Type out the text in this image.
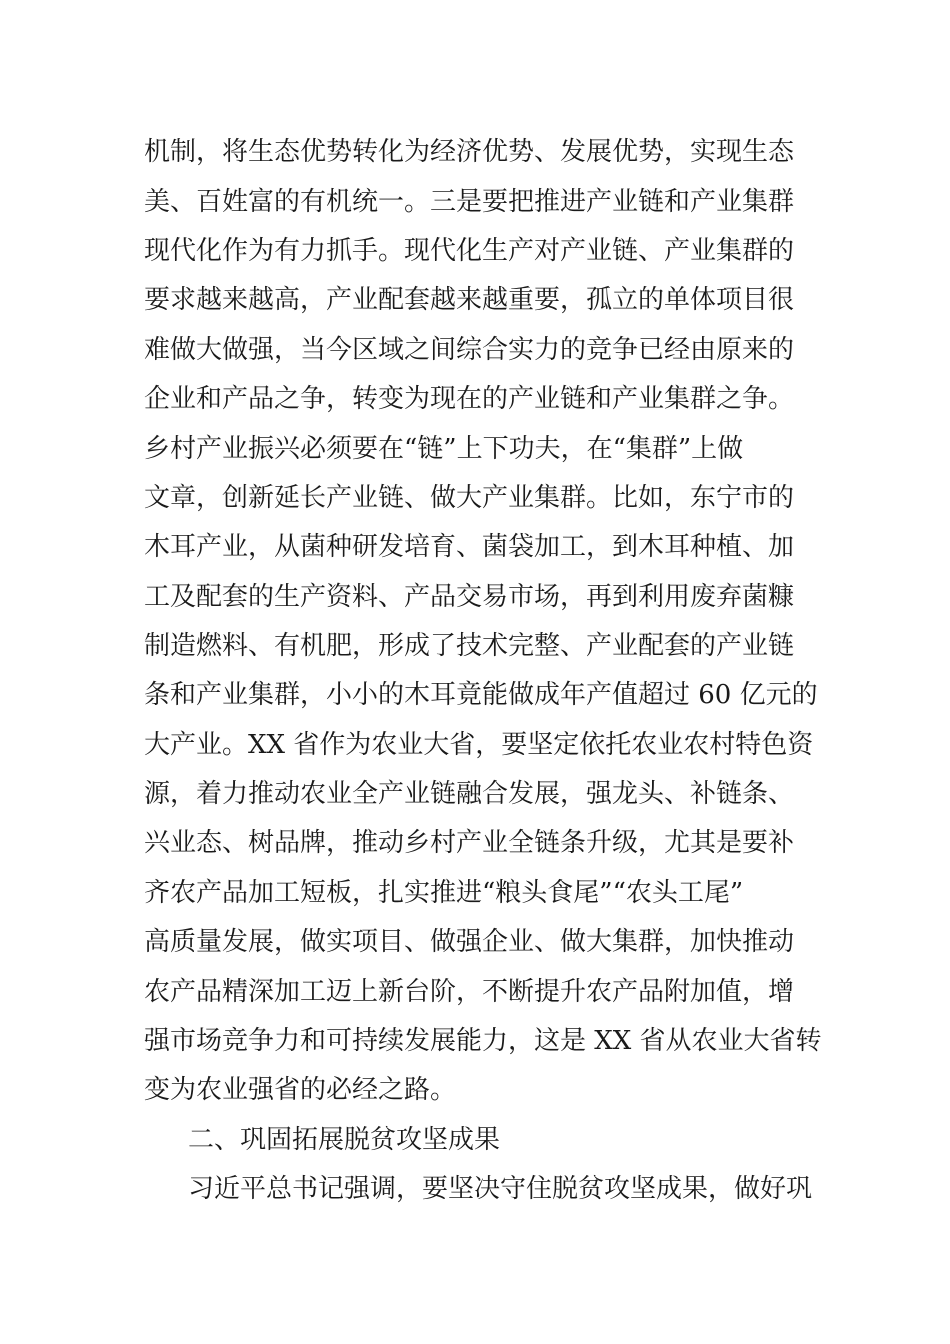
机制，将生态优势转化为经济优势、发展优势，实现生态
美、百姓富的有机统一。三是要把推进产业链和产业集群
现代化作为有力抓手。现代化生产对产业链、产业集群的
要求越来越高，产业配套越来越重要，孤立的单体项目很
难做大做强，当今区域之间综合实力的竞争已经由原来的
企业和产品之争，转变为现在的产业链和产业集群之争。
乡村产业振兴必须要在“链”上下功夫，在“集群”上做
文章，创新延长产业链、做大产业集群。比如，东宁市的
木耳产业，从菌种研发培育、菌袋加工，到木耳种植、加
工及配套的生产资料、产品交易市场，再到利用废弃菌糠
制造燃料、有机肥，形成了技术完整、产业配套的产业链
条和产业集群，小小的木耳竟能做成年产值超过 60 亿元的
大产业。XX 省作为农业大省，要坚定依托农业农村特色资
源，着力推动农业全产业链融合发展，强龙头、补链条、
兴业态、树品牌，推动乡村产业全链条升级，尤其是要补
齐农产品加工短板，扎实推进“粮头食尾”“农头工尾”
高质量发展，做实项目、做强企业、做大集群，加快推动
农产品精深加工迈上新台阶，不断提升农产品附加值，增
强市场竞争力和可持续发展能力，这是 XX 省从农业大省转
变为农业强省的必经之路。
二、巩固拓展脱贫攻坚成果
习近平总书记强调，要坚决守住脱贫攻坚成果，做好巩
